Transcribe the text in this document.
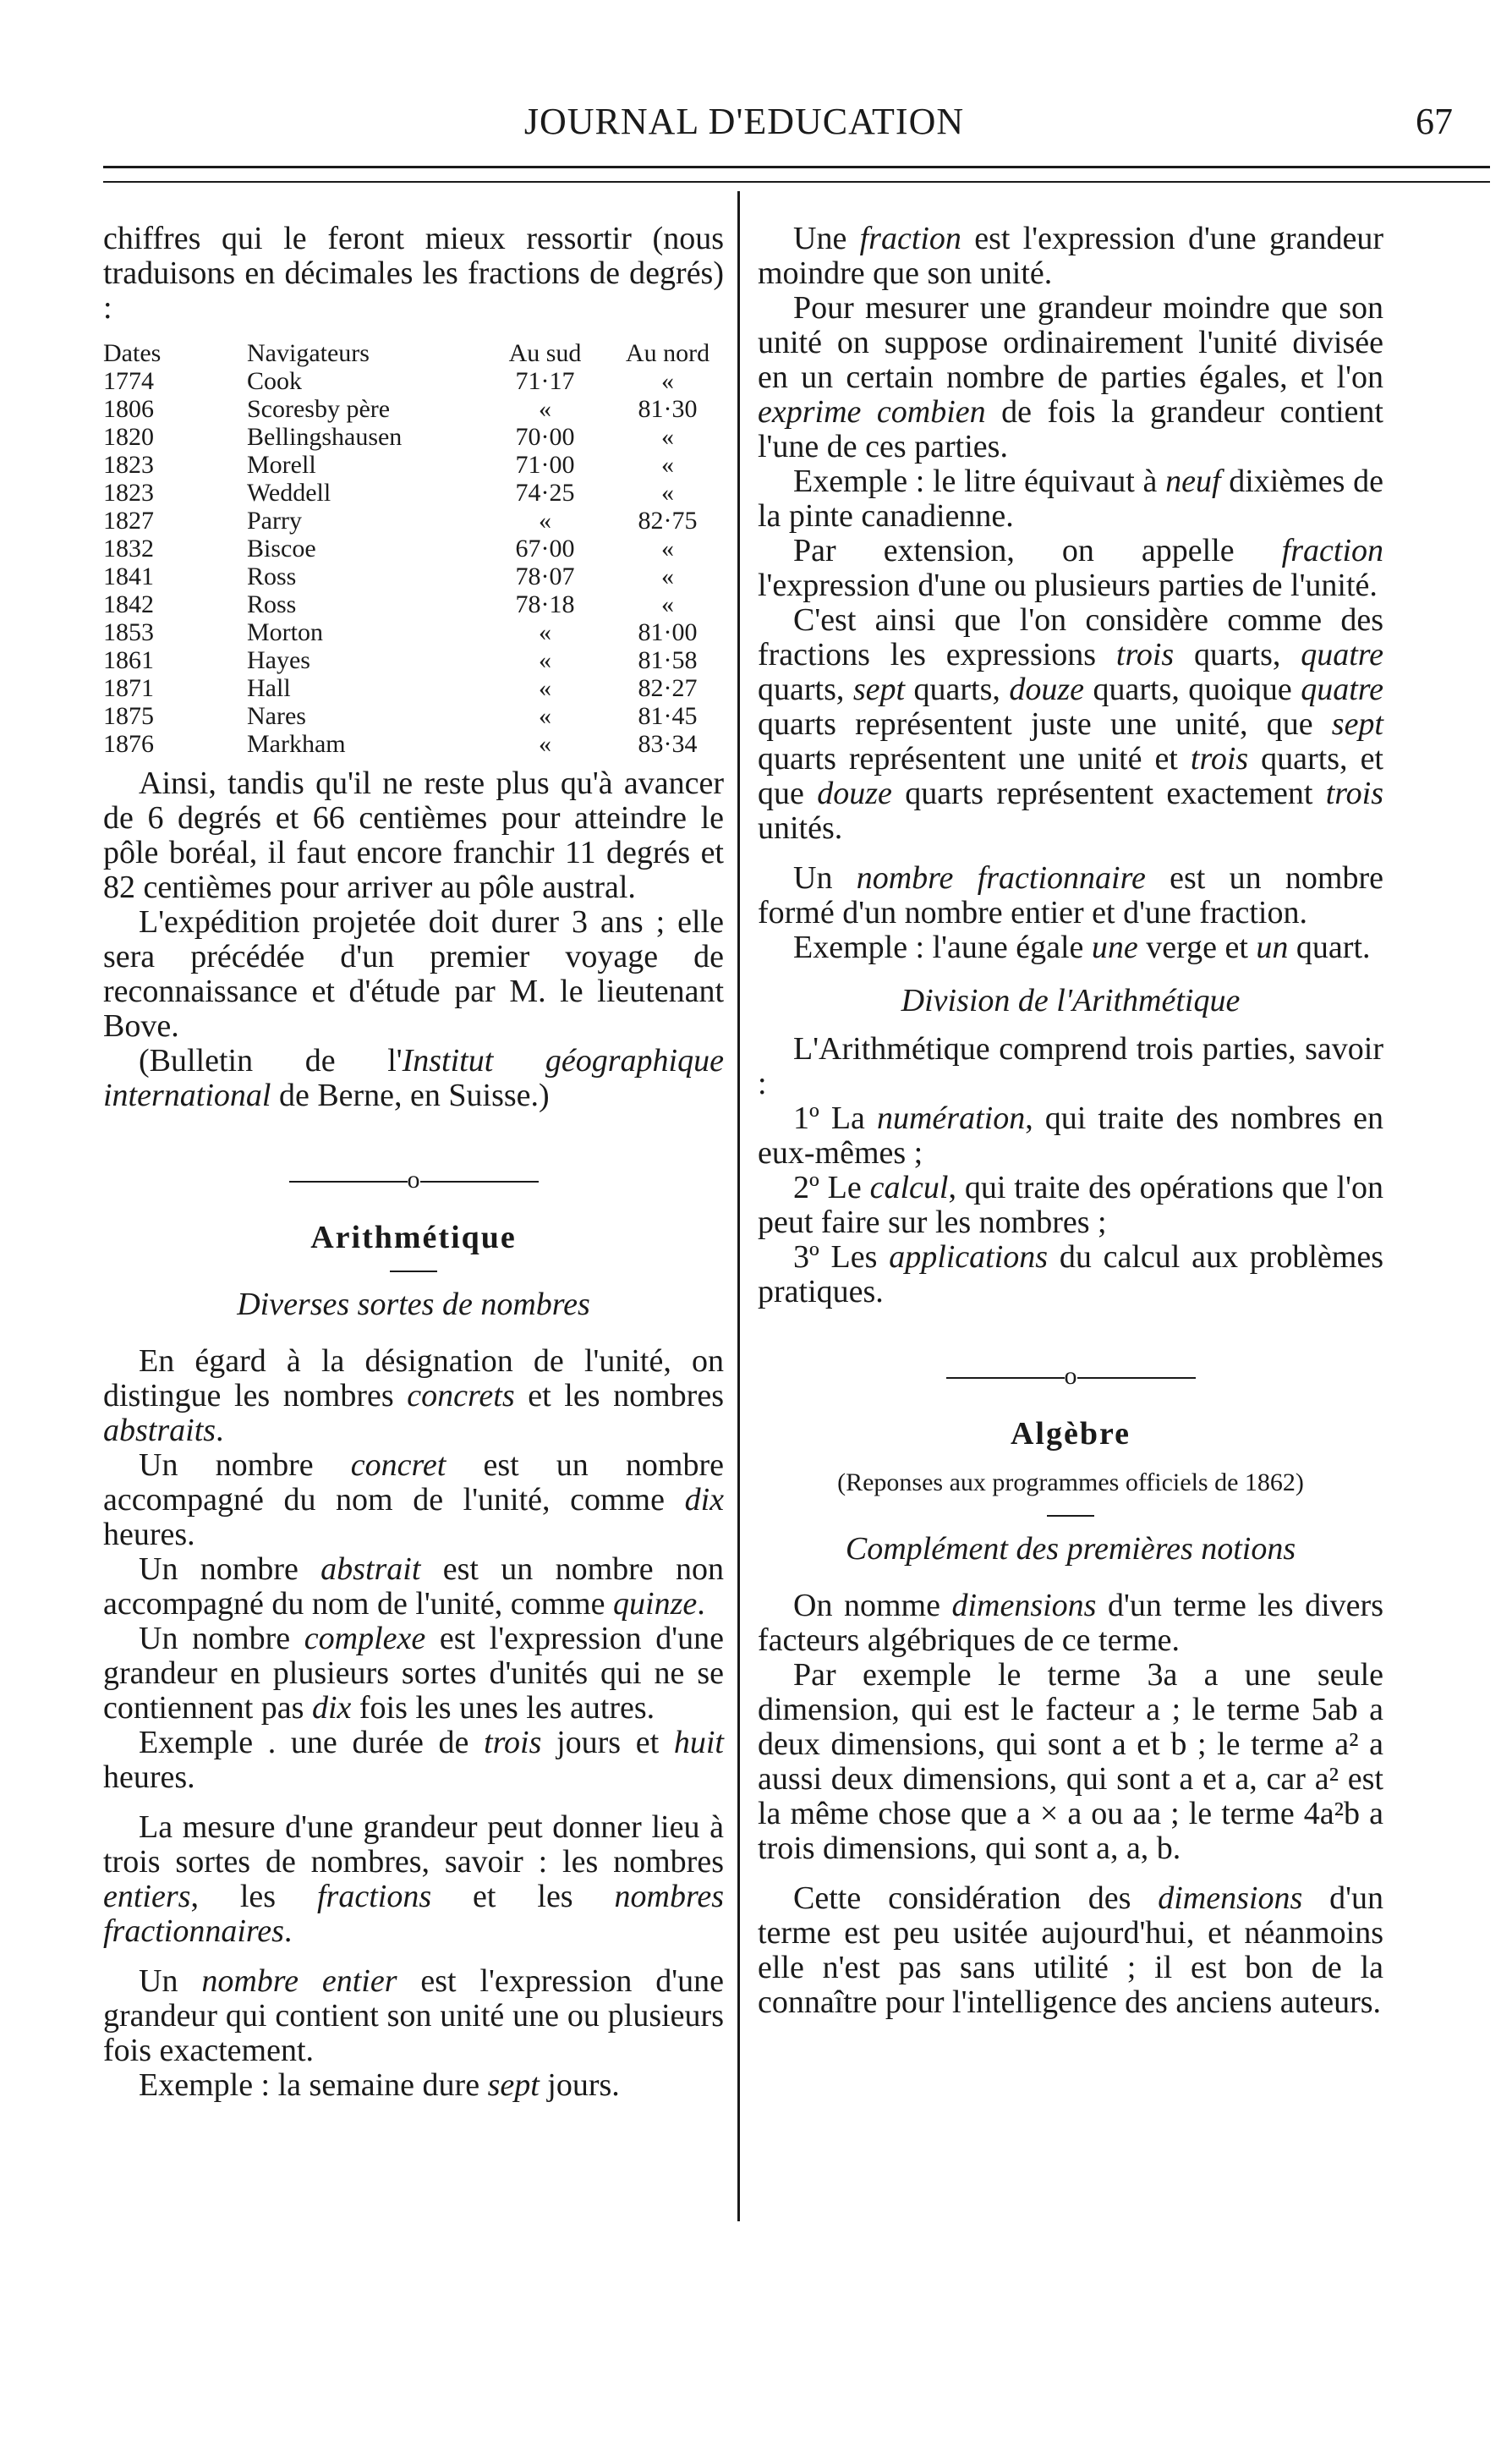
JOURNAL D'EDUCATION	67

chiffres qui le feront mieux ressortir (nous traduisons en décimales les fractions de degrés) :

Dates	Navigateurs	Au sud	Au nord
1774	Cook	71·17	«
1806	Scoresby père	«	81·30
1820	Bellingshausen	70·00	«
1823	Morell	71·00	«
1823	Weddell	74·25	«
1827	Parry	«	82·75
1832	Biscoe	67·00	«
1841	Ross	78·07	«
1842	Ross	78·18	«
1853	Morton	«	81·00
1861	Hayes	«	81·58
1871	Hall	«	82·27
1875	Nares	«	81·45
1876	Markham	«	83·34

Ainsi, tandis qu'il ne reste plus qu'à avancer de 6 degrés et 66 centièmes pour atteindre le pôle boréal, il faut encore franchir 11 degrés et 82 centièmes pour arriver au pôle austral.

L'expédition projetée doit durer 3 ans ; elle sera précédée d'un premier voyage de reconnaissance et d'étude par M. le lieutenant Bove.

(Bulletin de l'Institut géographique international de Berne, en Suisse.)

o
Arithmétique
Diverses sortes de nombres

En égard à la désignation de l'unité, on distingue les nombres concrets et les nombres abstraits.

Un nombre concret est un nombre accompagné du nom de l'unité, comme dix heures.

Un nombre abstrait est un nombre non accompagné du nom de l'unité, comme quinze.

Un nombre complexe est l'expression d'une grandeur en plusieurs sortes d'unités qui ne se contiennent pas dix fois les unes les autres.

Exemple . une durée de trois jours et huit heures.

La mesure d'une grandeur peut donner lieu à trois sortes de nombres, savoir : les nombres entiers, les fractions et les nombres fractionnaires.

Un nombre entier est l'expression d'une grandeur qui contient son unité une ou plusieurs fois exactement.

Exemple : la semaine dure sept jours.

Une fraction est l'expression d'une grandeur moindre que son unité.

Pour mesurer une grandeur moindre que son unité on suppose ordinairement l'unité divisée en un certain nombre de parties égales, et l'on exprime combien de fois la grandeur contient l'une de ces parties.

Exemple : le litre équivaut à neuf dixièmes de la pinte canadienne.

Par extension, on appelle fraction l'expression d'une ou plusieurs parties de l'unité.

C'est ainsi que l'on considère comme des fractions les expressions trois quarts, quatre quarts, sept quarts, douze quarts, quoique quatre quarts représentent juste une unité, que sept quarts représentent une unité et trois quarts, et que douze quarts représentent exactement trois unités.

Un nombre fractionnaire est un nombre formé d'un nombre entier et d'une fraction.

Exemple : l'aune égale une verge et un quart.

Division de l'Arithmétique

L'Arithmétique comprend trois parties, savoir :

1º La numération, qui traite des nombres en eux-mêmes ;

2º Le calcul, qui traite des opérations que l'on peut faire sur les nombres ;

3º Les applications du calcul aux problèmes pratiques.

o
Algèbre
(Reponses aux programmes officiels de 1862)
Complément des premières notions

On nomme dimensions d'un terme les divers facteurs algébriques de ce terme.

Par exemple le terme 3a a une seule dimension, qui est le facteur a ; le terme 5ab a deux dimensions, qui sont a et b ; le terme a² a aussi deux dimensions, qui sont a et a, car a² est la même chose que a × a ou aa ; le terme 4a²b a trois dimensions, qui sont a, a, b.

Cette considération des dimensions d'un terme est peu usitée aujourd'hui, et néanmoins elle n'est pas sans utilité ; il est bon de la connaître pour l'intelligence des anciens auteurs.
